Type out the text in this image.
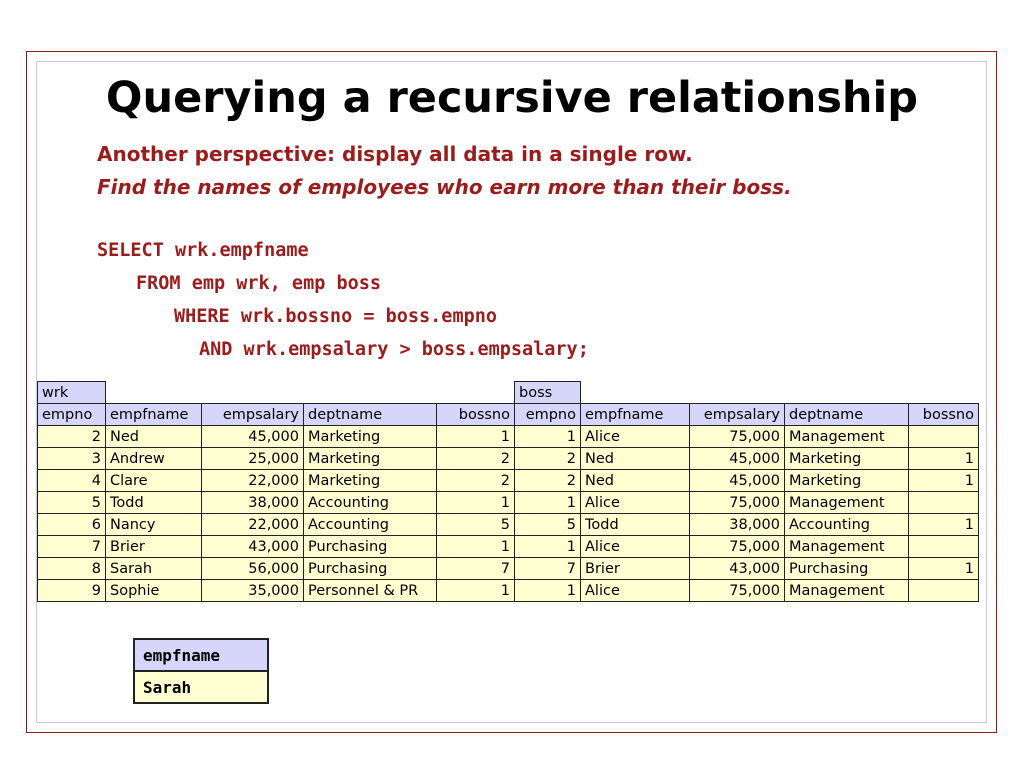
Querying a recursive relationship

Another perspective: display all data in a single row.

Find the names of employees who earn more than their boss.

SELECT wrk.empfname
FROM emp wrk, emp boss
WHERE wrk.bossno = boss.empno
AND wrk.empsalary > boss.empsalary;
wrk					boss				
empno	empfname	empsalary	deptname	bossno	empno	empfname	empsalary	deptname	bossno
2	Ned	45,000	Marketing	1	1	Alice	75,000	Management	
3	Andrew	25,000	Marketing	2	2	Ned	45,000	Marketing	1
4	Clare	22,000	Marketing	2	2	Ned	45,000	Marketing	1
5	Todd	38,000	Accounting	1	1	Alice	75,000	Management	
6	Nancy	22,000	Accounting	5	5	Todd	38,000	Accounting	1
7	Brier	43,000	Purchasing	1	1	Alice	75,000	Management	
8	Sarah	56,000	Purchasing	7	7	Brier	43,000	Purchasing	1
9	Sophie	35,000	Personnel & PR	1	1	Alice	75,000	Management	
empfname
Sarah
